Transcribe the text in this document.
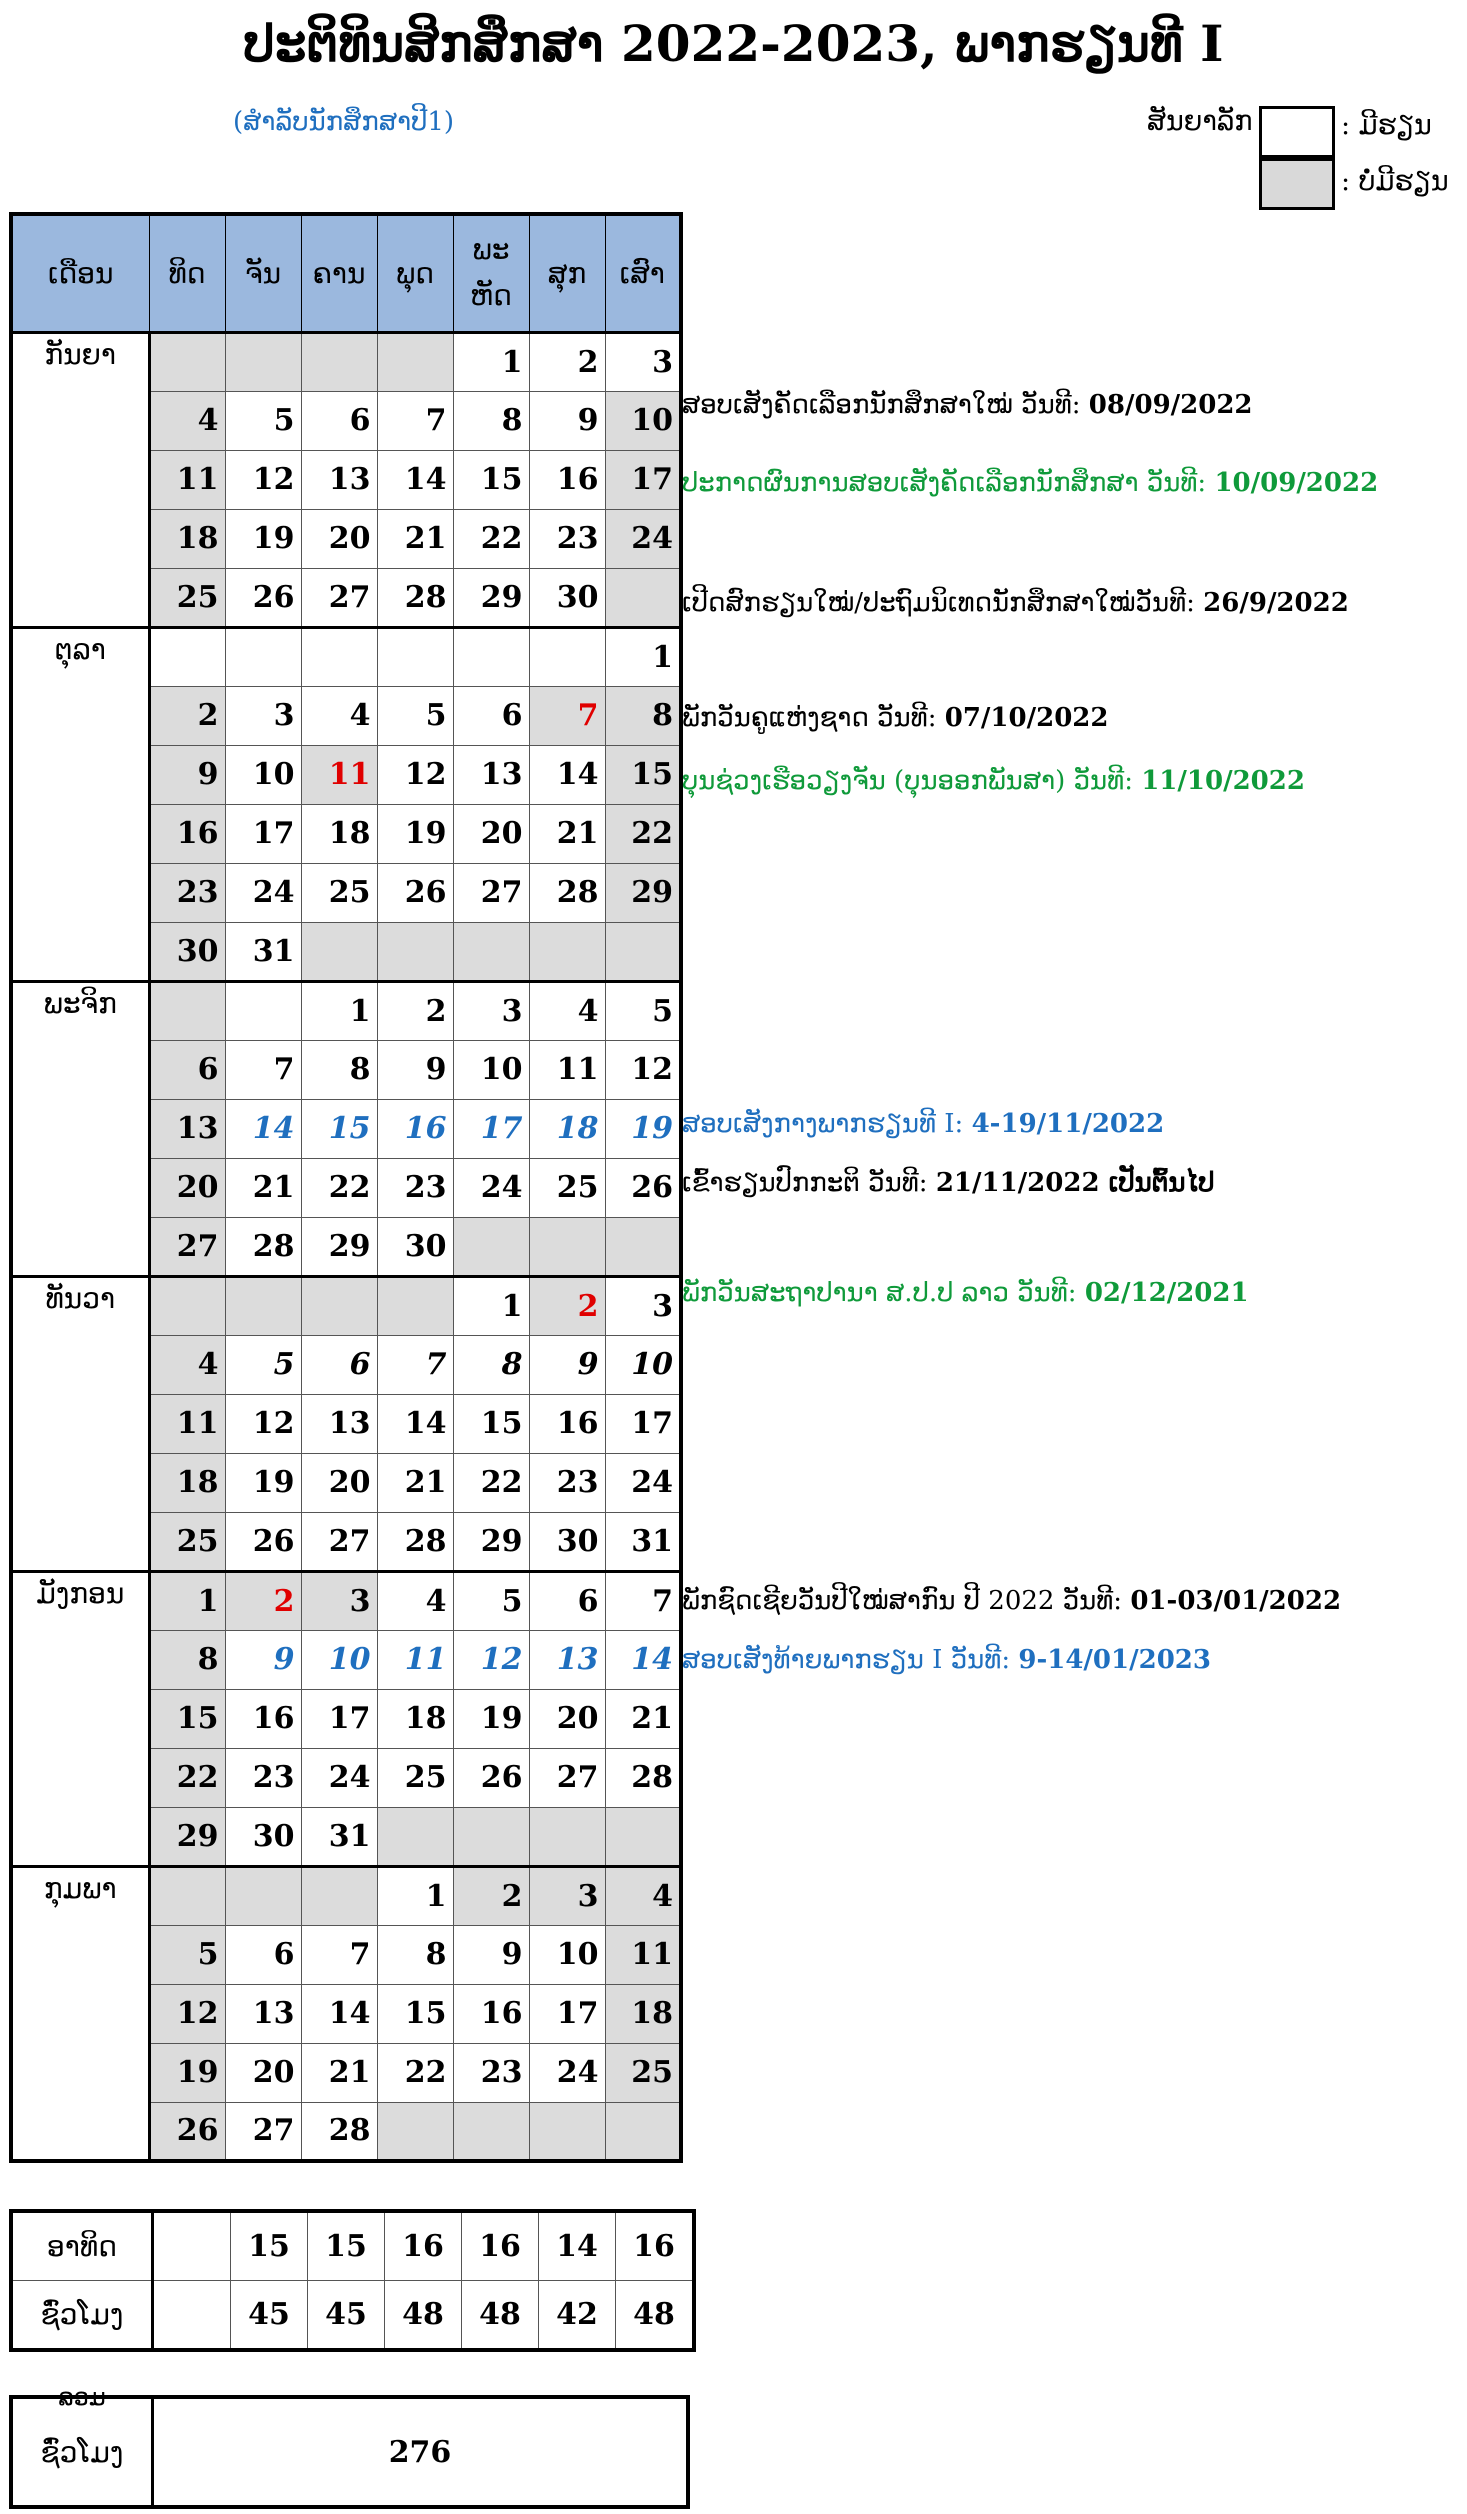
ປະຕິທິນສິກສຶກສາ 2022-2023, ພາກຮຽນທີ I
(ສຳລັບນັກສຶກສາປີ1)	ສັນຍາລັກ	: ມີຮຽນ
: ບໍ່ມີຮຽນ
ເດືອນ	ທິດ	ຈັນ	ຄານ	ພຸດ	ພະ ຫັດ	ສຸກ	ເສົາ
ກັນຍາ					1	2	3
	4	5	6	7	8	9	10
	11	12	13	14	15	16	17
	18	19	20	21	22	23	24
	25	26	27	28	29	30	
ຕຸລາ							1
	2	3	4	5	6	7	8
	9	10	11	12	13	14	15
	16	17	18	19	20	21	22
	23	24	25	26	27	28	29
	30	31					
ພະຈິກ			1	2	3	4	5
	6	7	8	9	10	11	12
	13	14	15	16	17	18	19
	20	21	22	23	24	25	26
	27	28	29	30			
ທັນວາ					1	2	3
	4	5	6	7	8	9	10
	11	12	13	14	15	16	17
	18	19	20	21	22	23	24
	25	26	27	28	29	30	31
ມັງກອນ	1	2	3	4	5	6	7
	8	9	10	11	12	13	14
	15	16	17	18	19	20	21
	22	23	24	25	26	27	28
	29	30	31				
ກຸມພາ				1	2	3	4
	5	6	7	8	9	10	11
	12	13	14	15	16	17	18
	19	20	21	22	23	24	25
	26	27	28				
ສອບເສັງຄັດເລືອກນັກສຶກສາໃໝ່ ວັນທີ: 08/09/2022
ປະກາດຜົນການສອບເສັງຄັດເລືອກນັກສຶກສາ ວັນທີ: 10/09/2022
ເປີດສົກຮຽນໃໝ່/ປະຖົມນິເທດນັກສຶກສາໃໝ່ວັນທີ: 26/9/2022
ພັກວັນຄູແຫ່ງຊາດ ວັນທີ: 07/10/2022
ບຸນຊ່ວງເຮືອວຽງຈັນ (ບຸນອອກພັນສາ) ວັນທີ: 11/10/2022
ສອບເສັງກາງພາກຮຽນທີ I: 4-19/11/2022
ເຂົ້າຮຽນປົກກະຕິ ວັນທີ: 21/11/2022 ເປັນຕົ້ນໄປ
ພັກວັນສະຖາປານາ ສ.ປ.ປ ລາວ ວັນທີ: 02/12/2021
ພັກຊົດເຊີຍວັນປີໃໝ່ສາກົນ ປີ 2022 ວັນທີ: 01-03/01/2022
ສອບເສັງທ້າຍພາກຮຽນ I ວັນທີ: 9-14/01/2023
ອາທິດ		15	15	16	16	14	16
ຊົ່ວໂມງ		45	45	48	48	42	48
ລວມ
ຊົ່ວໂມງ	276
